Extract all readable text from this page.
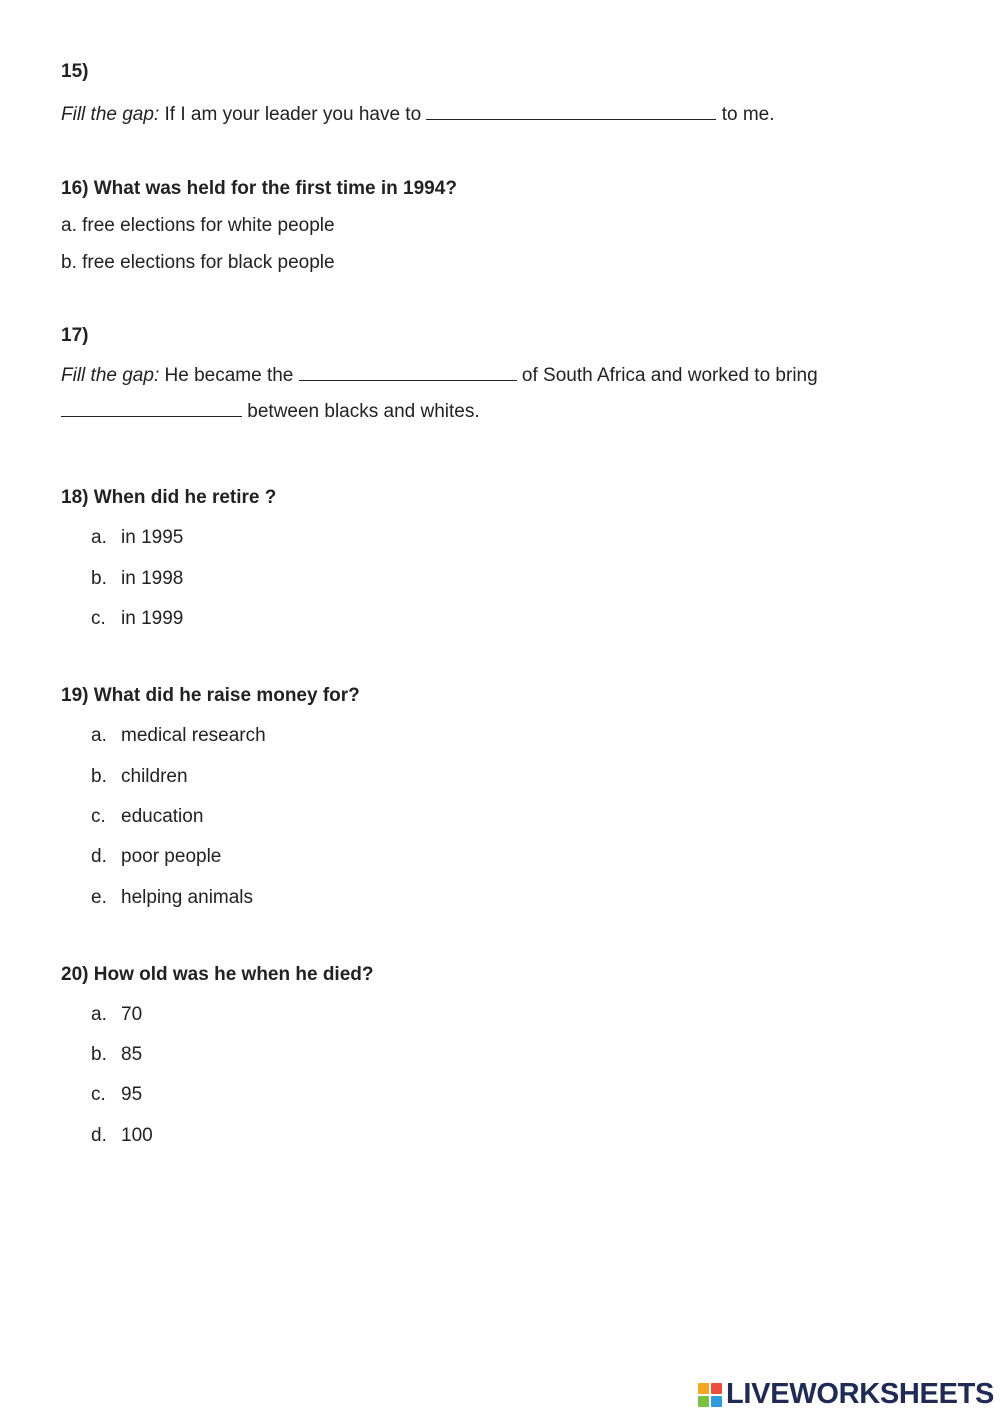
15)
Fill the gap: If I am your leader you have to	to me.
16) What was held for the first time in 1994?
a. free elections for white people
b. free elections for black people
17)
Fill the gap: He became the	of South Africa and worked to bring
between blacks and whites.
18) When did he retire ?
a. in 1995
b. in 1998
c. in 1999
19) What did he raise money for?
a. medical research
b. children
c. education
d. poor people
e. helping animals
20) How old was he when he died?
a. 70
b. 85
c. 95
d. 100
LIVEWORKSHEETS
